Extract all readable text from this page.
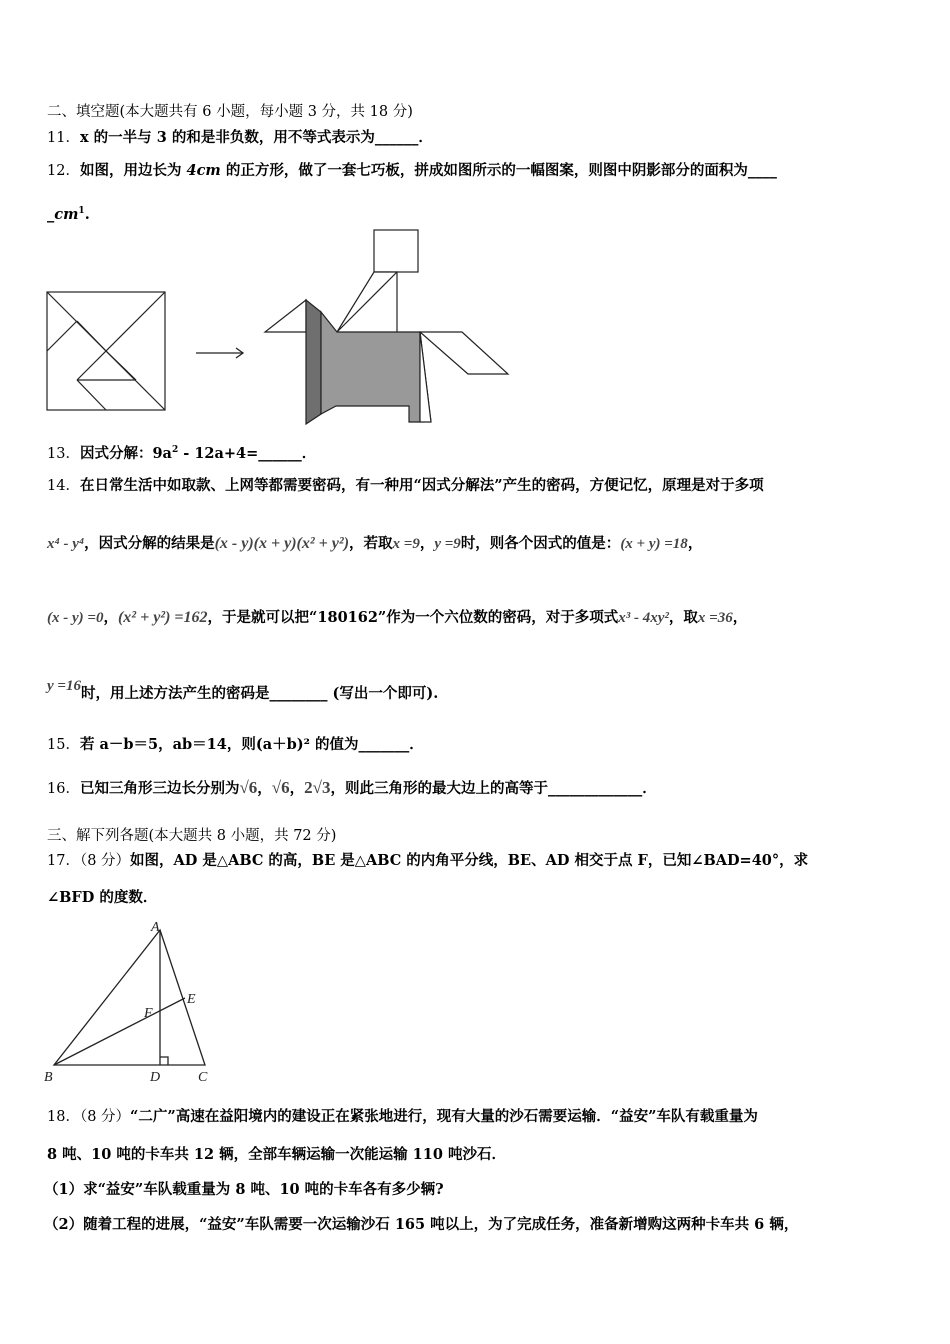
二、填空题(本大题共有 6 小题，每小题 3 分，共 18 分)
11．x 的一半与 3 的和是非负数，用不等式表示为______．
12．如图，用边长为 4cm 的正方形，做了一套七巧板，拼成如图所示的一幅图案，则图中阴影部分的面积为____
$\_cm^1$.
13．因式分解：$9a^2$ - 12a+4=______．
14．在日常生活中如取款、上网等都需要密码，有一种用“因式分解法”产生的密码，方便记忆，原理是对于多项
x⁴ - y⁴，因式分解的结果是(x - y)(x + y)(x² + y²)，若取x =9，y =9时，则各个因式的值是：(x + y) =18，
(x - y) =0，(x² + y²) =162，于是就可以把“180162”作为一个六位数的密码，对于多项式x³ - 4xy²，取x =36，
y =16时，用上述方法产生的密码是________ (写出一个即可).
15．若 a－b＝5，ab＝14，则(a＋b)² 的值为_______．
16．已知三角形三边长分别为√6，√6，2√3，则此三角形的最大边上的高等于_____________．
三、解下列各题(本大题共 8 小题，共 72 分)
17．（8 分）如图，AD 是△ABC 的高，BE 是△ABC 的内角平分线，BE、AD 相交于点 F，已知∠BAD=40°，求
∠BFD 的度数．
A
B	C
D
E
F
18．（8 分）“二广”高速在益阳境内的建设正在紧张地进行，现有大量的沙石需要运输．“益安”车队有载重量为
8 吨、10 吨的卡车共 12 辆，全部车辆运输一次能运输 110 吨沙石．
（1）求“益安”车队载重量为 8 吨、10 吨的卡车各有多少辆?
（2）随着工程的进展，“益安”车队需要一次运输沙石 165 吨以上，为了完成任务，准备新增购这两种卡车共 6 辆，
